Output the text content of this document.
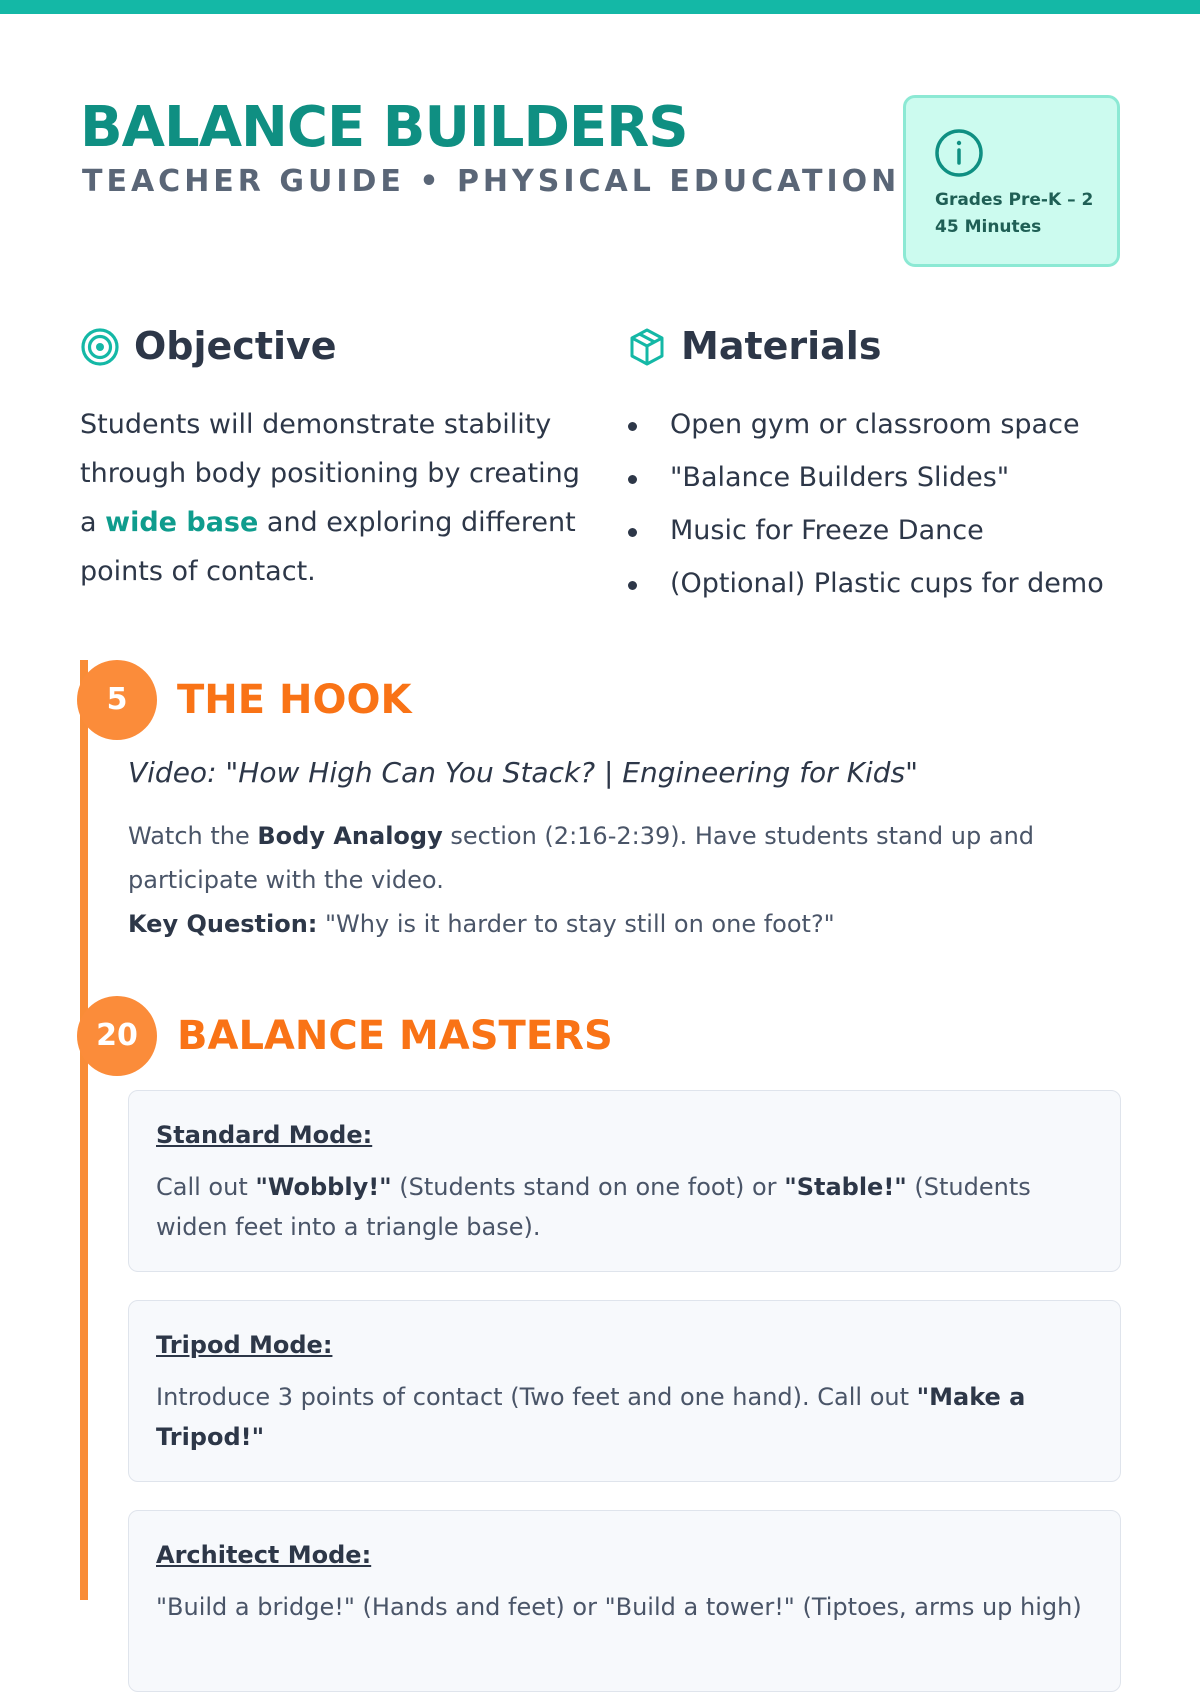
BALANCE BUILDERS
TEACHER GUIDE • PHYSICAL EDUCATION
Grades Pre-K – 2
45 Minutes
Objective

Students will demonstrate stability through body positioning by creating a wide base and exploring different points of contact.

Materials
Open gym or classroom space
"Balance Builders Slides"
Music for Freeze Dance
(Optional) Plastic cups for demo
5	THE HOOK
Video: "How High Can You Stack? | Engineering for Kids"

Watch the Body Analogy section (2:16-2:39). Have students stand up and participate with the video.
Key Question: "Why is it harder to stay still on one foot?"

20 BALANCE MASTERS
Standard Mode:

Call out "Wobbly!" (Students stand on one foot) or "Stable!" (Students widen feet into a triangle base).

Tripod Mode:

Introduce 3 points of contact (Two feet and one hand). Call out "Make a Tripod!"

Architect Mode:

"Build a bridge!" (Hands and feet) or "Build a tower!" (Tiptoes, arms up high)
